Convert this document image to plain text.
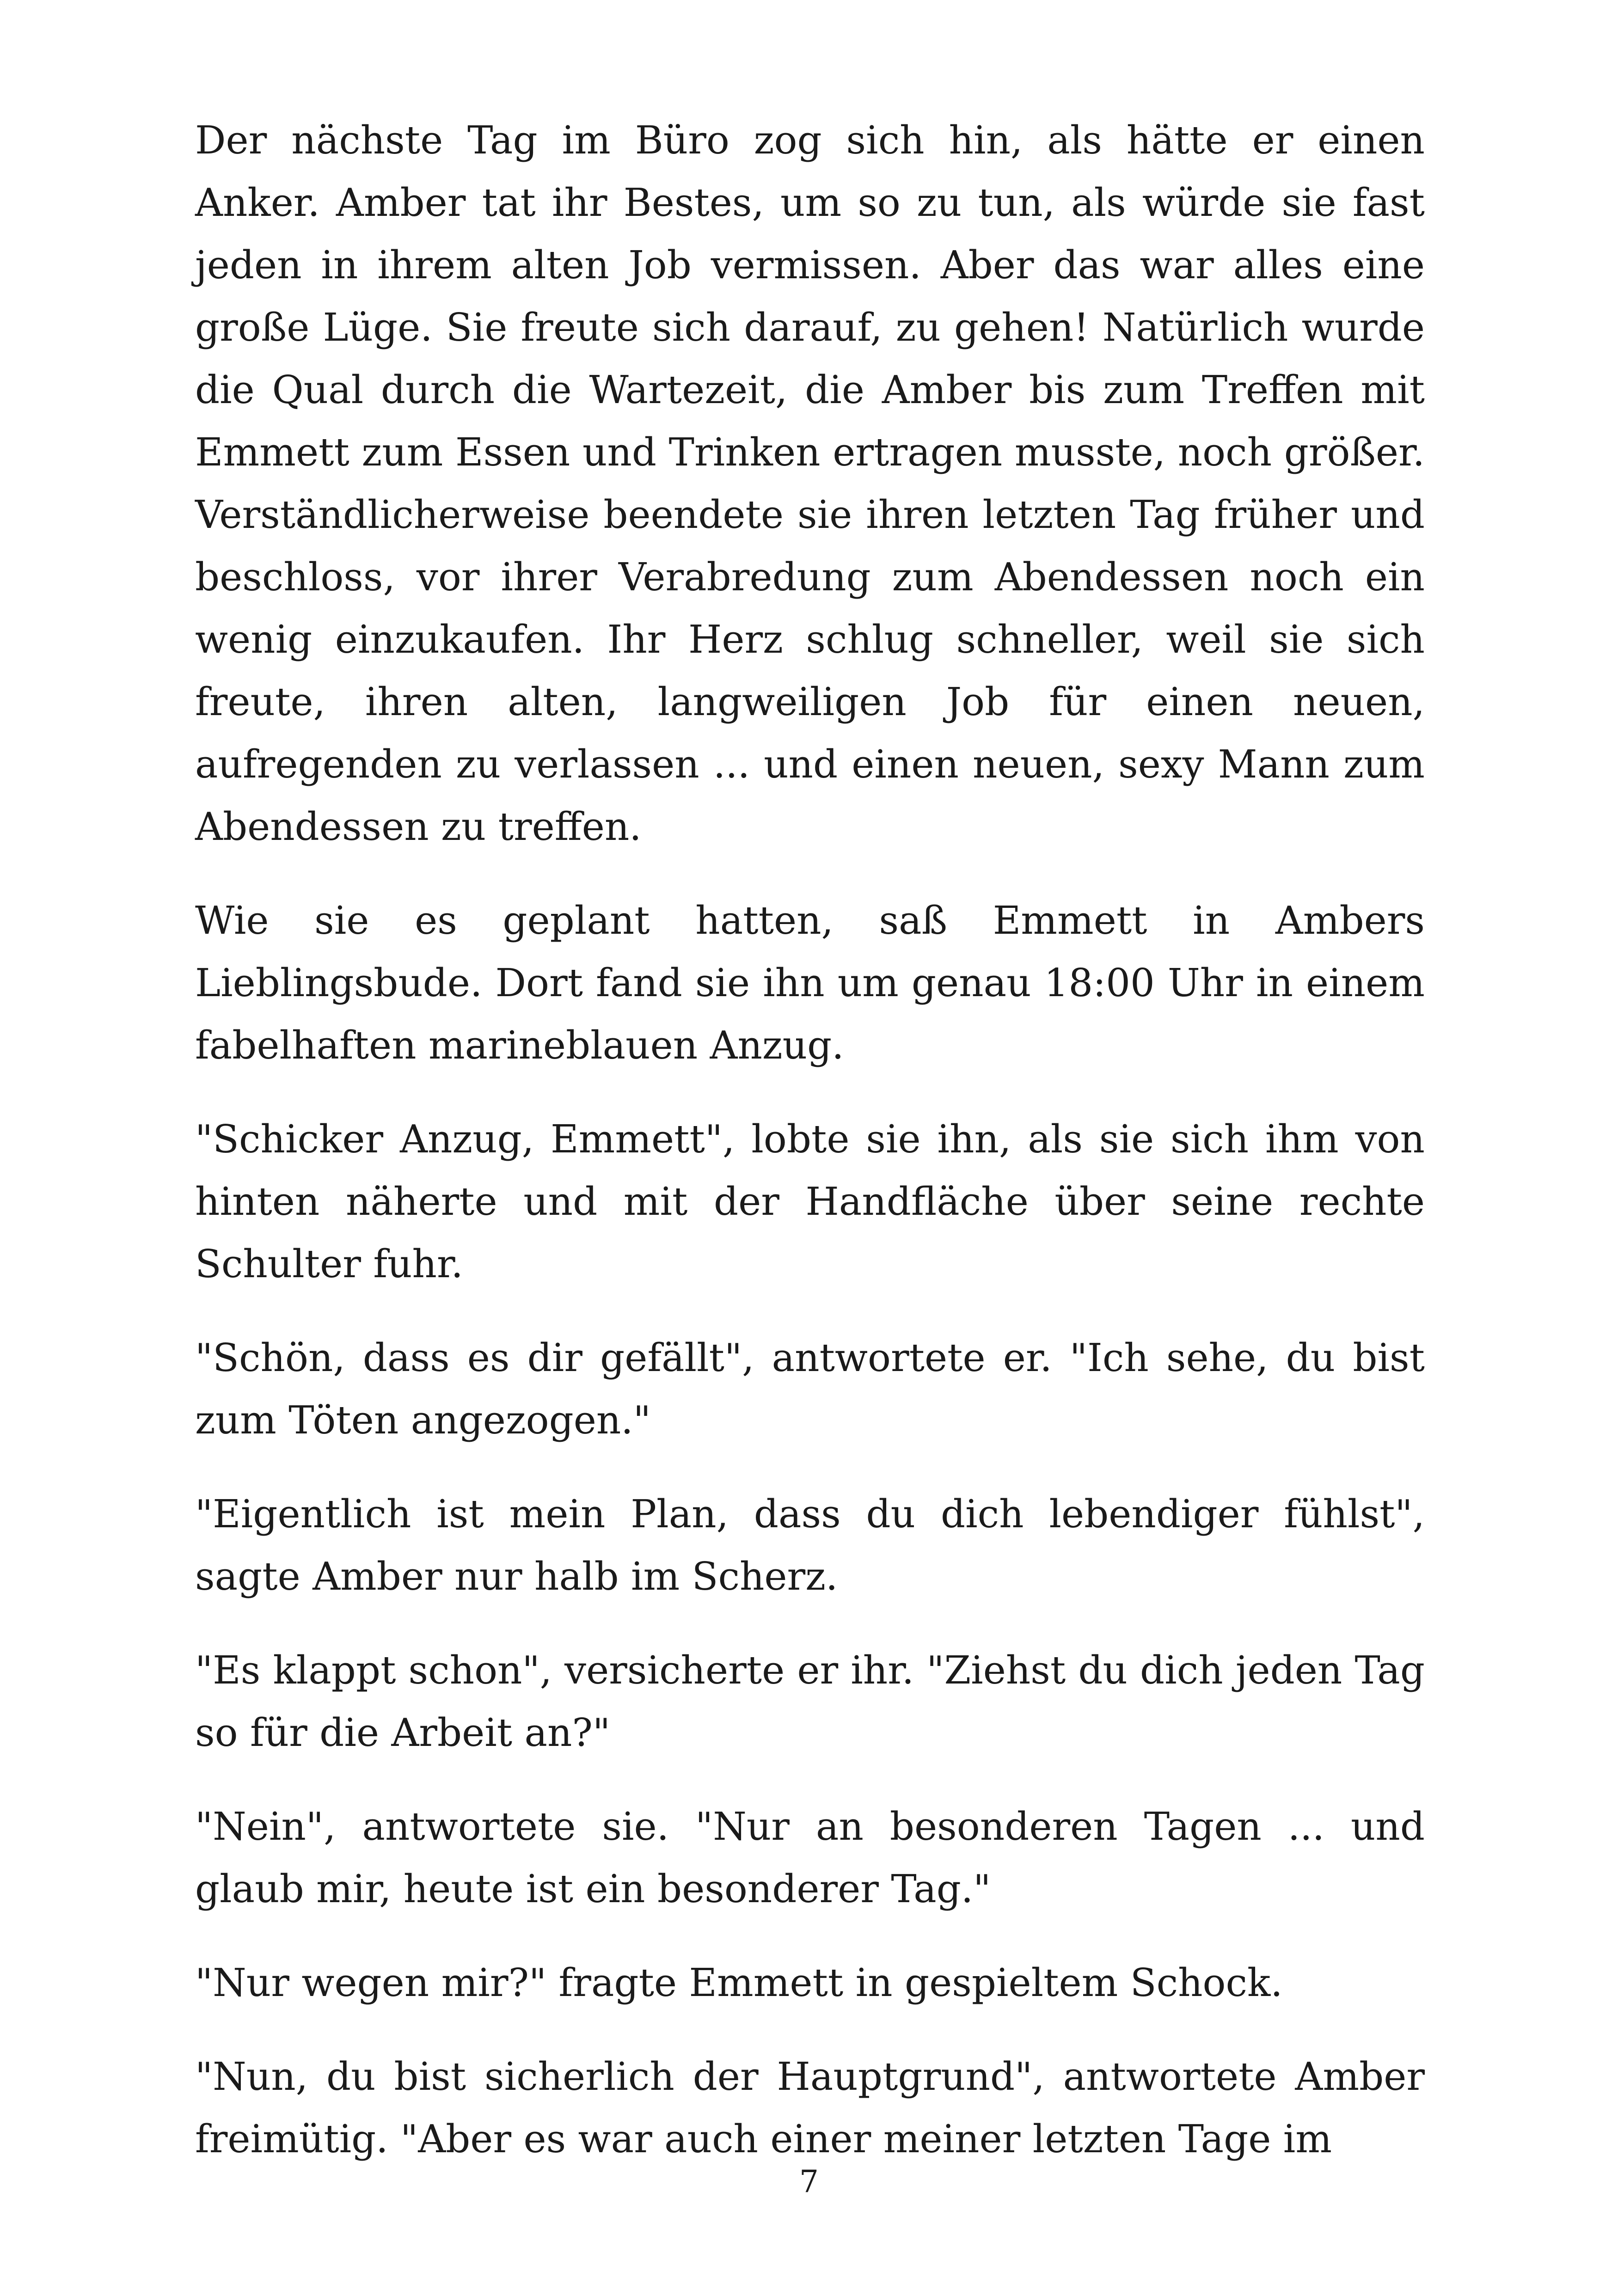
Der nächste Tag im Büro zog sich hin, als hätte er einen Anker. Amber tat ihr Bestes, um so zu tun, als würde sie fast jeden in ihrem alten Job vermissen. Aber das war alles eine große Lüge. Sie freute sich darauf, zu gehen! Natürlich wurde die Qual durch die Wartezeit, die Amber bis zum Treffen mit Emmett zum Essen und Trinken ertragen musste, noch größer. Verständlicherweise beendete sie ihren letzten Tag früher und beschloss, vor ihrer Verabredung zum Abendessen noch ein wenig einzukaufen. Ihr Herz schlug schneller, weil sie sich freute, ihren alten, langweiligen Job für einen neuen, aufregenden zu verlassen ... und einen neuen, sexy Mann zum Abendessen zu treffen.

Wie sie es geplant hatten, saß Emmett in Ambers Lieblingsbude. Dort fand sie ihn um genau 18:00 Uhr in einem fabelhaften marineblauen Anzug.

"Schicker Anzug, Emmett", lobte sie ihn, als sie sich ihm von hinten näherte und mit der Handfläche über seine rechte Schulter fuhr.

"Schön, dass es dir gefällt", antwortete er. "Ich sehe, du bist zum Töten angezogen."

"Eigentlich ist mein Plan, dass du dich lebendiger fühlst", sagte Amber nur halb im Scherz.

"Es klappt schon", versicherte er ihr. "Ziehst du dich jeden Tag so für die Arbeit an?"

"Nein", antwortete sie. "Nur an besonderen Tagen ... und glaub mir, heute ist ein besonderer Tag."

"Nur wegen mir?" fragte Emmett in gespieltem Schock.

"Nun, du bist sicherlich der Hauptgrund", antwortete Amber freimütig. "Aber es war auch einer meiner letzten Tage im

7
